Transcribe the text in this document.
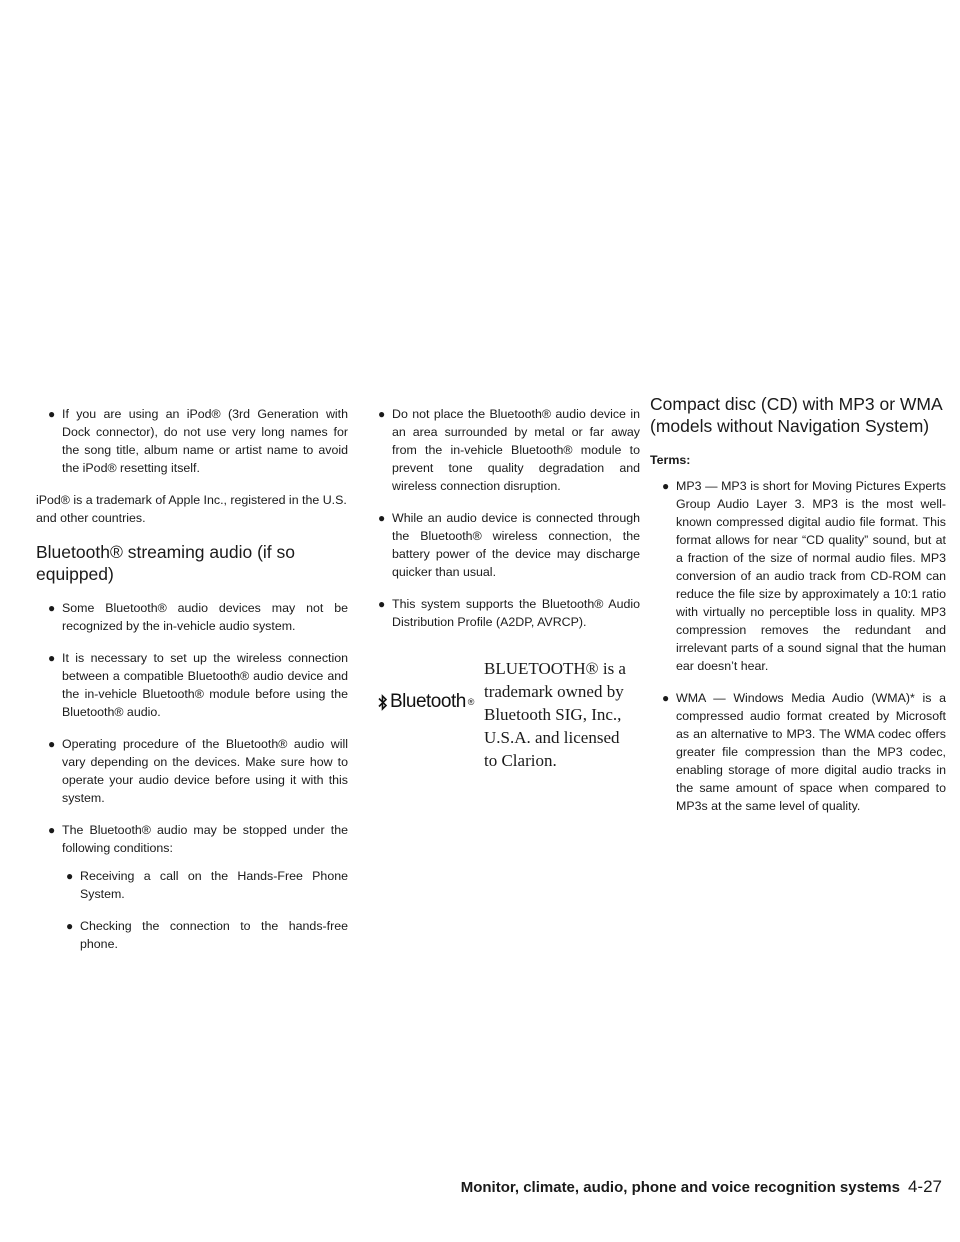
● If you are using an iPod® (3rd Generation with Dock connector), do not use very long names for the song title, album name or artist name to avoid the iPod® resetting itself.

iPod® is a trademark of Apple Inc., registered in the U.S. and other countries.

Bluetooth® streaming audio (if so equipped)
● Some Bluetooth® audio devices may not be recognized by the in-vehicle audio system.
● It is necessary to set up the wireless connection between a compatible Bluetooth® audio device and the in-vehicle Bluetooth® module before using the Bluetooth® audio.
● Operating procedure of the Bluetooth® audio will vary depending on the devices. Make sure how to operate your audio device before using it with this system.
● The Bluetooth® audio may be stopped under the following conditions:
● Receiving a call on the Hands-Free Phone System.
● Checking the connection to the hands-free phone.
● Do not place the Bluetooth® audio device in an area surrounded by metal or far away from the in-vehicle Bluetooth® module to prevent tone quality degradation and wireless connection disruption.
● While an audio device is connected through the Bluetooth® wireless connection, the battery power of the device may discharge quicker than usual.
● This system supports the Bluetooth® Audio Distribution Profile (A2DP, AVRCP).
Bluetooth ®
BLUETOOTH® is a trademark owned by Bluetooth SIG, Inc., U.S.A. and licensed to Clarion.
Compact disc (CD) with MP3 or WMA (models without Navigation System)

Terms:

● MP3 — MP3 is short for Moving Pictures Experts Group Audio Layer 3. MP3 is the most well-known compressed digital audio file format. This format allows for near “CD quality” sound, but at a fraction of the size of normal audio files. MP3 conversion of an audio track from CD-ROM can reduce the file size by approximately a 10:1 ratio with virtually no perceptible loss in quality. MP3 compression removes the redundant and irrelevant parts of a sound signal that the human ear doesn’t hear.
● WMA — Windows Media Audio (WMA)* is a compressed audio format created by Microsoft as an alternative to MP3. The WMA codec offers greater file compression than the MP3 codec, enabling storage of more digital audio tracks in the same amount of space when compared to MP3s at the same level of quality.
Monitor, climate, audio, phone and voice recognition systems 4-27
